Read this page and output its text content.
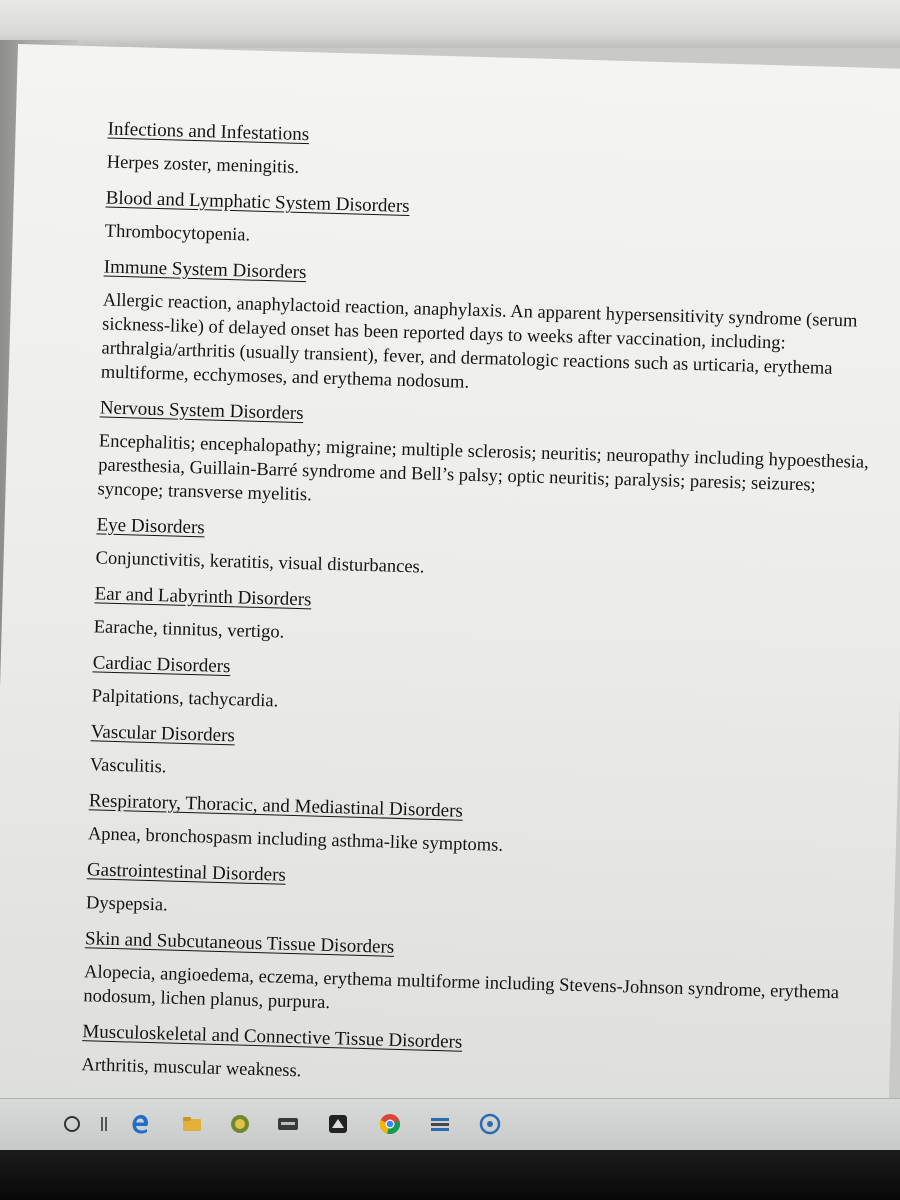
Infections and Infestations

Herpes zoster, meningitis.

Blood and Lymphatic System Disorders

Thrombocytopenia.

Immune System Disorders

Allergic reaction, anaphylactoid reaction, anaphylaxis. An apparent hypersensitivity syndrome (serum sickness-like) of delayed onset has been reported days to weeks after vaccination, including: arthralgia/arthritis (usually transient), fever, and dermatologic reactions such as urticaria, erythema multiforme, ecchymoses, and erythema nodosum.

Nervous System Disorders

Encephalitis; encephalopathy; migraine; multiple sclerosis; neuritis; neuropathy including hypoesthesia, paresthesia, Guillain-Barré syndrome and Bell’s palsy; optic neuritis; paralysis; paresis; seizures; syncope; transverse myelitis.

Eye Disorders

Conjunctivitis, keratitis, visual disturbances.

Ear and Labyrinth Disorders

Earache, tinnitus, vertigo.

Cardiac Disorders

Palpitations, tachycardia.

Vascular Disorders

Vasculitis.

Respiratory, Thoracic, and Mediastinal Disorders

Apnea, bronchospasm including asthma-like symptoms.

Gastrointestinal Disorders

Dyspepsia.

Skin and Subcutaneous Tissue Disorders

Alopecia, angioedema, eczema, erythema multiforme including Stevens-Johnson syndrome, erythema nodosum, lichen planus, purpura.

Musculoskeletal and Connective Tissue Disorders

Arthritis, muscular weakness.
